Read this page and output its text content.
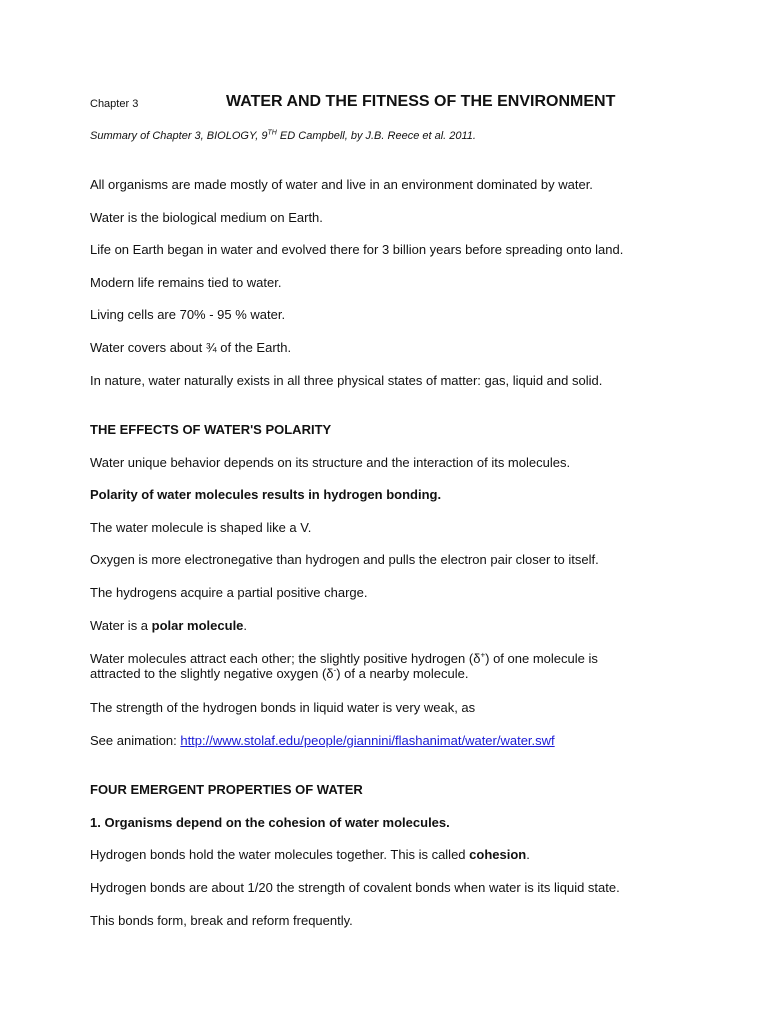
Chapter 3	WATER AND THE FITNESS OF THE ENVIRONMENT
Summary of Chapter 3, BIOLOGY, 9TH ED Campbell, by J.B. Reece et al. 2011.
All organisms are made mostly of water and live in an environment dominated by water.
Water is the biological medium on Earth.
Life on Earth began in water and evolved there for 3 billion years before spreading onto land.
Modern life remains tied to water.
Living cells are 70% - 95 % water.
Water covers about ¾ of the Earth.
In nature, water naturally exists in all three physical states of matter: gas, liquid and solid.
THE EFFECTS OF WATER'S POLARITY
Water unique behavior depends on its structure and the interaction of its molecules.
Polarity of water molecules results in hydrogen bonding.
The water molecule is shaped like a V.
Oxygen is more electronegative than hydrogen and pulls the electron pair closer to itself.
The hydrogens acquire a partial positive charge.
Water is a polar molecule.
Water molecules attract each other; the slightly positive hydrogen (δ+) of one molecule is attracted to the slightly negative oxygen (δ-) of a nearby molecule.
The strength of the hydrogen bonds in liquid water is very weak, as
See animation: http://www.stolaf.edu/people/giannini/flashanimat/water/water.swf
FOUR EMERGENT PROPERTIES OF WATER
1. Organisms depend on the cohesion of water molecules.
Hydrogen bonds hold the water molecules together. This is called cohesion.
Hydrogen bonds are about 1/20 the strength of covalent bonds when water is its liquid state.
This bonds form, break and reform frequently.
